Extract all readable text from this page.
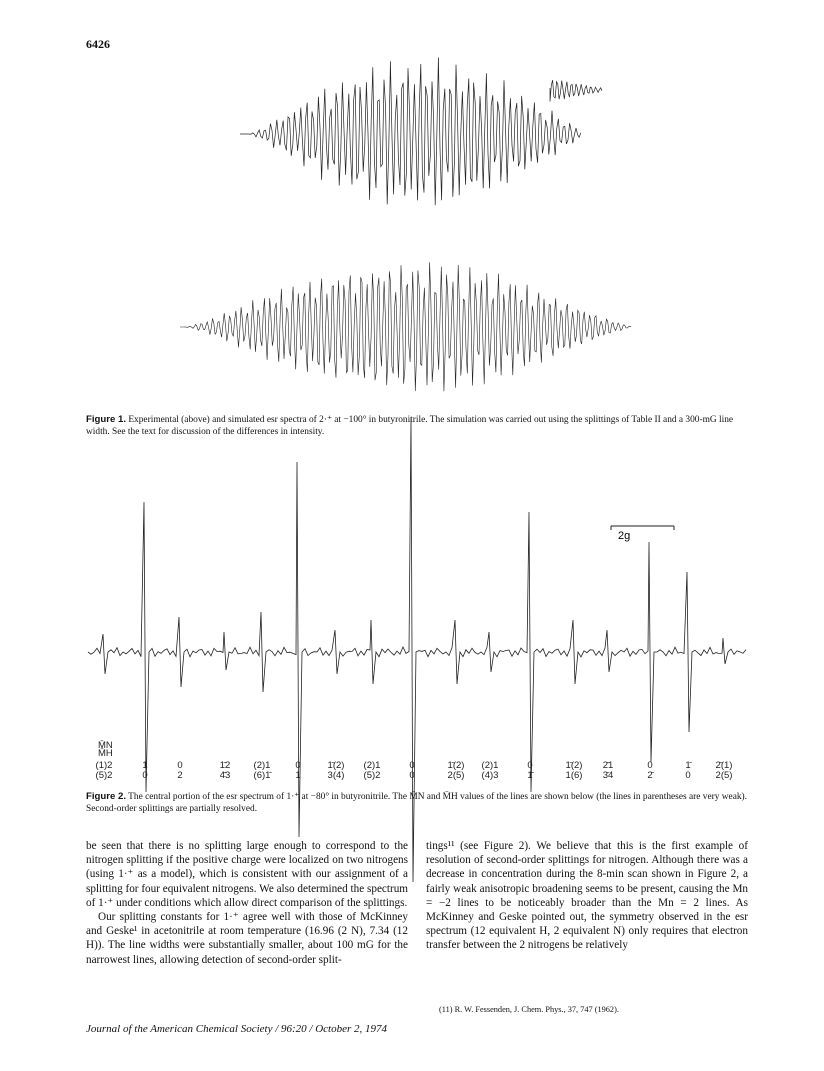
6426
Figure 1. Experimental (above) and simulated esr spectra of 2·⁺ at −100° in butyronitrile. The simulation was carried out using the splittings of Table II and a 300-mG line width. See the text for discussion of the differences in intensity.
2g
M̄N
M̄H
(1)2
(5)2
1
0
0
2
1̄2
4̄3
(2)1
(6)1̄
0
1
1̄(2)
3(4)
(2)1
(5)2
0
0
1̄(2)
2(5)
(2)1
(4)3
0
1̄
1̄(2)
1(6)
2̄1
3̄4
0
2̄
1̄
0
2̄(1)
2(5)
Figure 2. The central portion of the esr spectrum of 1·⁺ at −80° in butyronitrile. The M̄N and M̄H values of the lines are shown below (the lines in parentheses are very weak). Second-order splittings are partially resolved.

be seen that there is no splitting large enough to correspond to the nitrogen splitting if the positive charge were localized on two nitrogens (using 1·⁺ as a model), which is consistent with our assignment of a splitting for four equivalent nitrogens. We also determined the spectrum of 1·⁺ under conditions which allow direct comparison of the splittings.

Our splitting constants for 1·⁺ agree well with those of McKinney and Geske¹ in acetonitrile at room temperature (16.96 (2 N), 7.34 (12 H)). The line widths were substantially smaller, about 100 mG for the narrowest lines, allowing detection of second-order split-

tings¹¹ (see Figure 2). We believe that this is the first example of resolution of second-order splittings for nitrogen. Although there was a decrease in concentration during the 8-min scan shown in Figure 2, a fairly weak anisotropic broadening seems to be present, causing the Mn = −2 lines to be noticeably broader than the Mn = 2 lines. As McKinney and Geske pointed out, the symmetry observed in the esr spectrum (12 equivalent H, 2 equivalent N) only requires that electron transfer between the 2 nitrogens be relatively

(11) R. W. Fessenden, J. Chem. Phys., 37, 747 (1962).
Journal of the American Chemical Society / 96:20 / October 2, 1974
